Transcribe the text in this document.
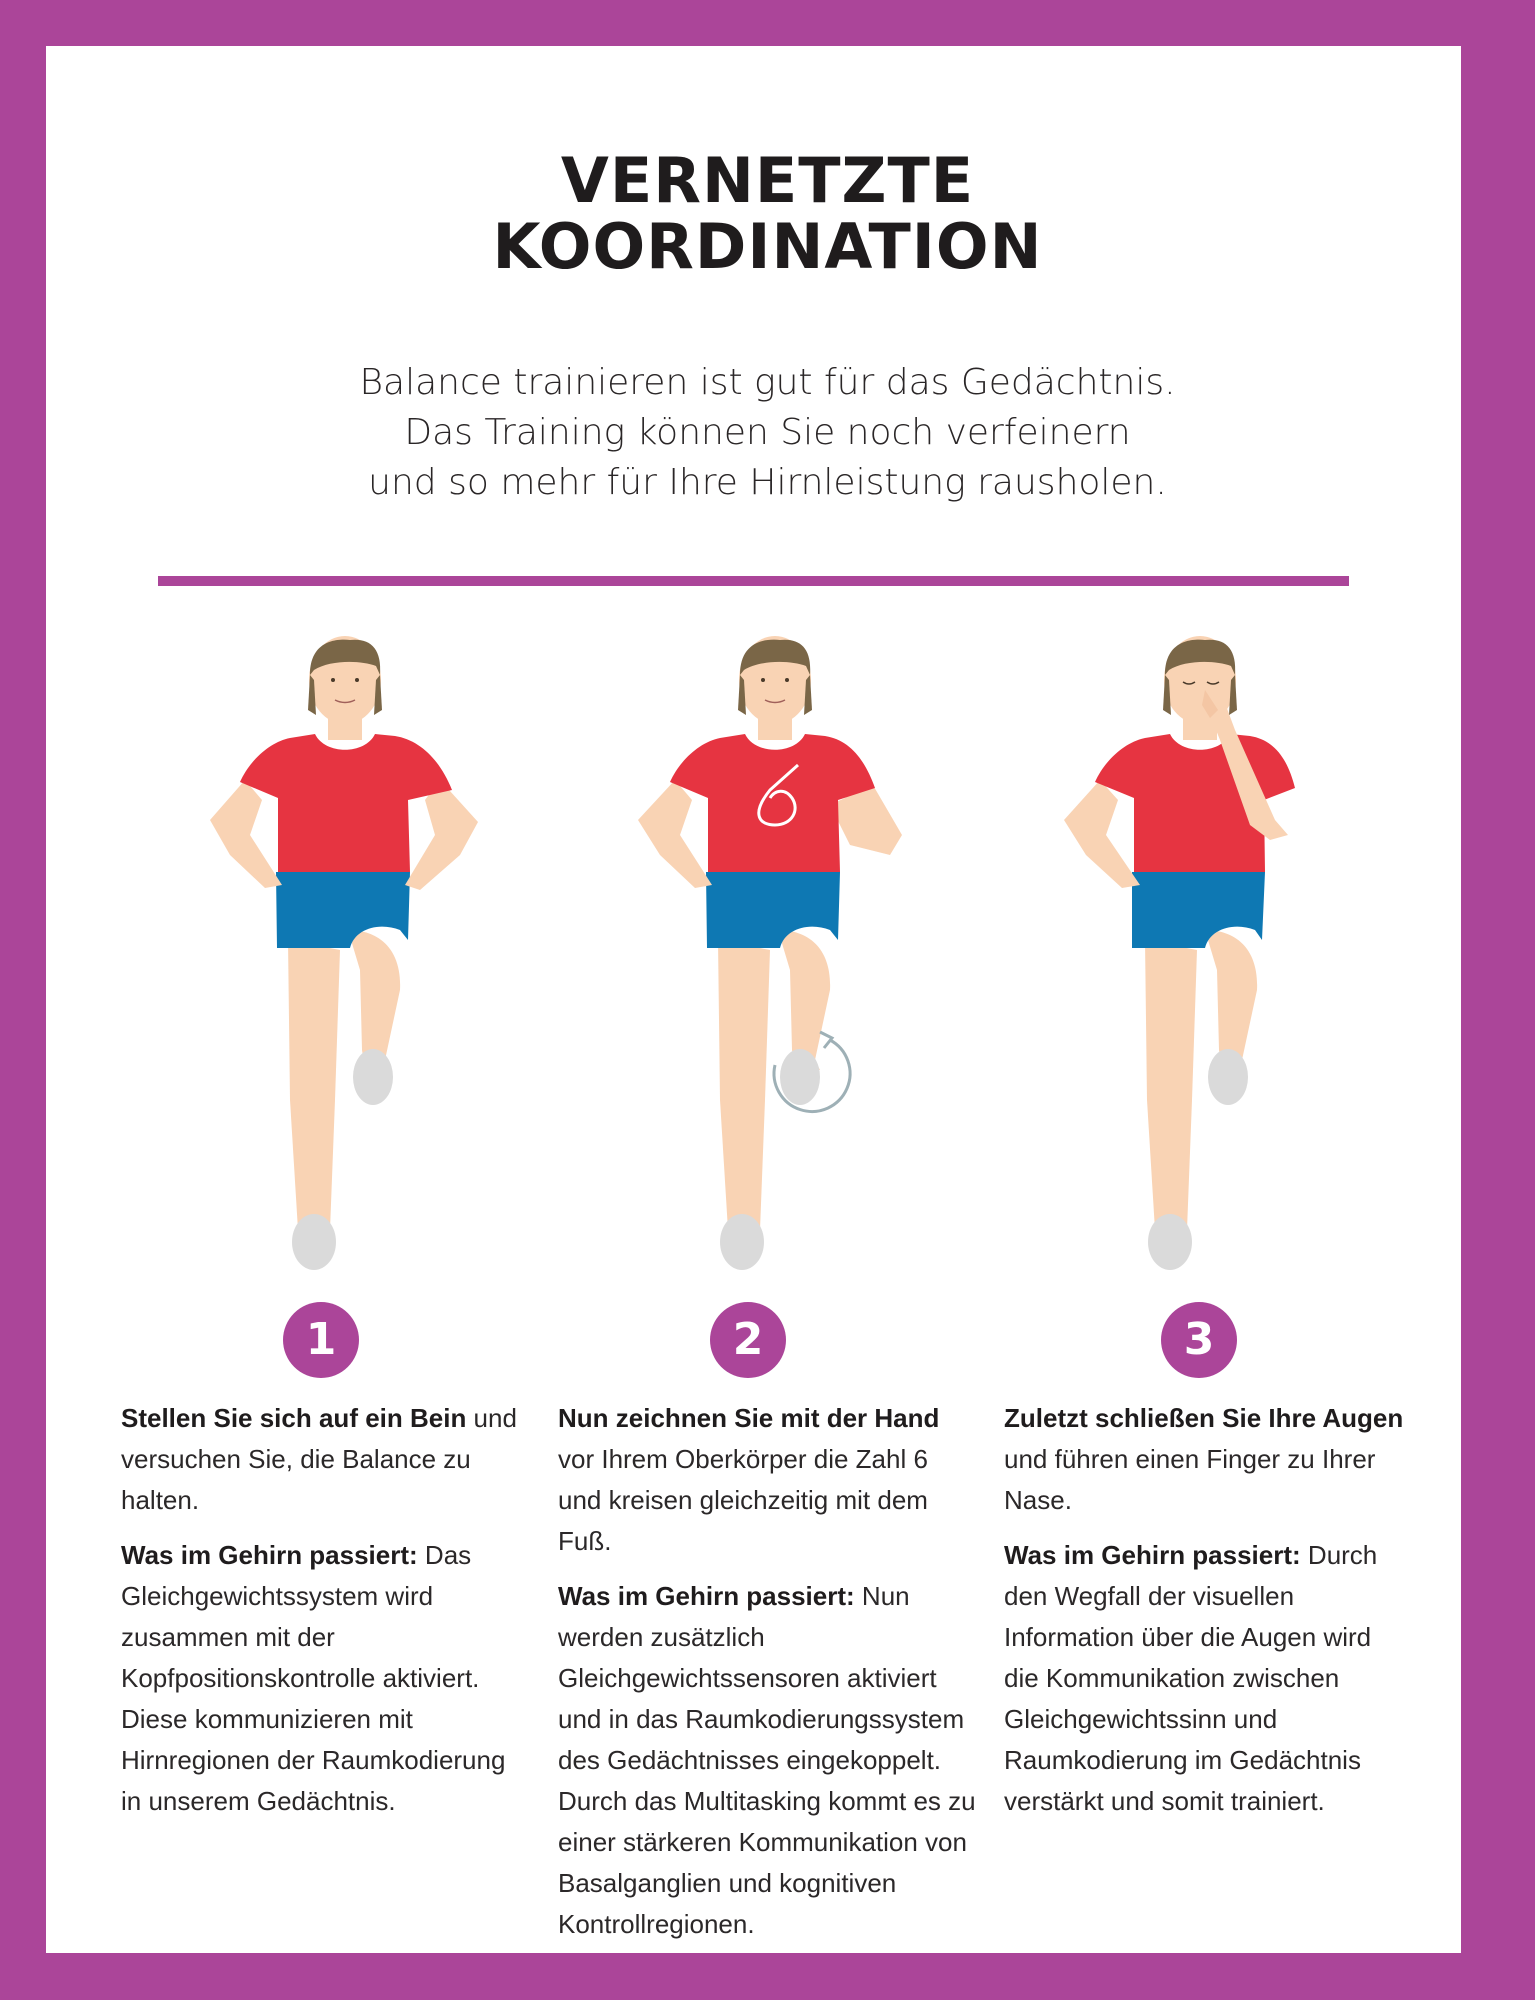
VERNETZTE
KOORDINATION
Balance trainieren ist gut für das Gedächtnis.
Das Training können Sie noch verfeinern
und so mehr für Ihre Hirnleistung rausholen.
1	2	3

Stellen Sie sich auf ein Bein und versuchen Sie, die Balance zu halten.

Was im Gehirn passiert: Das Gleichgewichtssystem wird zusammen mit der Kopfpositionskontrolle aktiviert. Diese kommunizieren mit Hirnregionen der Raumkodierung in unserem Gedächtnis.

Nun zeichnen Sie mit der Hand vor Ihrem Oberkörper die Zahl 6 und kreisen gleichzeitig mit dem Fuß.

Was im Gehirn passiert: Nun werden zusätzlich Gleichgewichtssensoren aktiviert und in das Raumkodierungssystem des Gedächtnisses eingekoppelt. Durch das Multitasking kommt es zu einer stärkeren Kommunikation von Basalganglien und kognitiven Kontrollregionen.

Zuletzt schließen Sie Ihre Augen und führen einen Finger zu Ihrer Nase.

Was im Gehirn passiert: Durch den Wegfall der visuellen Information über die Augen wird die Kommunikation zwischen Gleichgewichtssinn und Raumkodierung im Gedächtnis verstärkt und somit trainiert.
